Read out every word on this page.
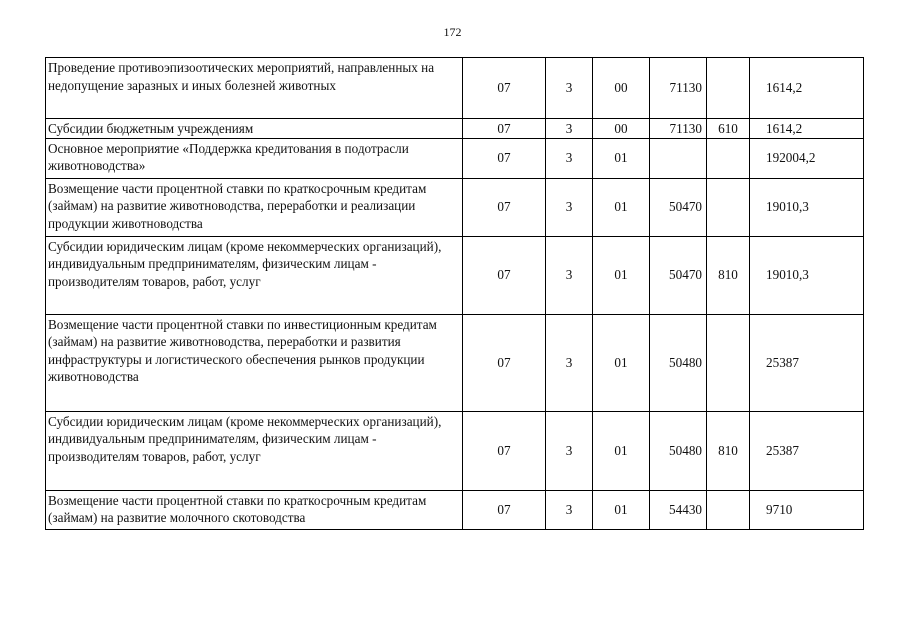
172
Проведение противоэпизоотических мероприятий, направленных на недопущение заразных и иных болезней животных	07	3	00	71130		1614,2
Субсидии бюджетным учреждениям	07	3	00	71130	610	1614,2
Основное мероприятие «Поддержка кредитования в подотрасли животноводства»	07	3	01			192004,2
Возмещение части процентной ставки по краткосрочным кредитам (займам) на развитие животноводства, переработки и реализации продукции животноводства	07	3	01	50470		19010,3
Субсидии юридическим лицам (кроме некоммерческих организаций), индивидуальным предпринимателям, физическим лицам - производителям товаров, работ, услуг	07	3	01	50470	810	19010,3
Возмещение части процентной ставки по инвестиционным кредитам (займам) на развитие животноводства, переработки и развития инфраструктуры и логистического обеспечения рынков продукции животноводства	07	3	01	50480		25387
Субсидии юридическим лицам (кроме некоммерческих организаций), индивидуальным предпринимателям, физическим лицам - производителям товаров, работ, услуг	07	3	01	50480	810	25387
Возмещение части процентной ставки по краткосрочным кредитам (займам) на развитие молочного скотоводства	07	3	01	54430		9710
